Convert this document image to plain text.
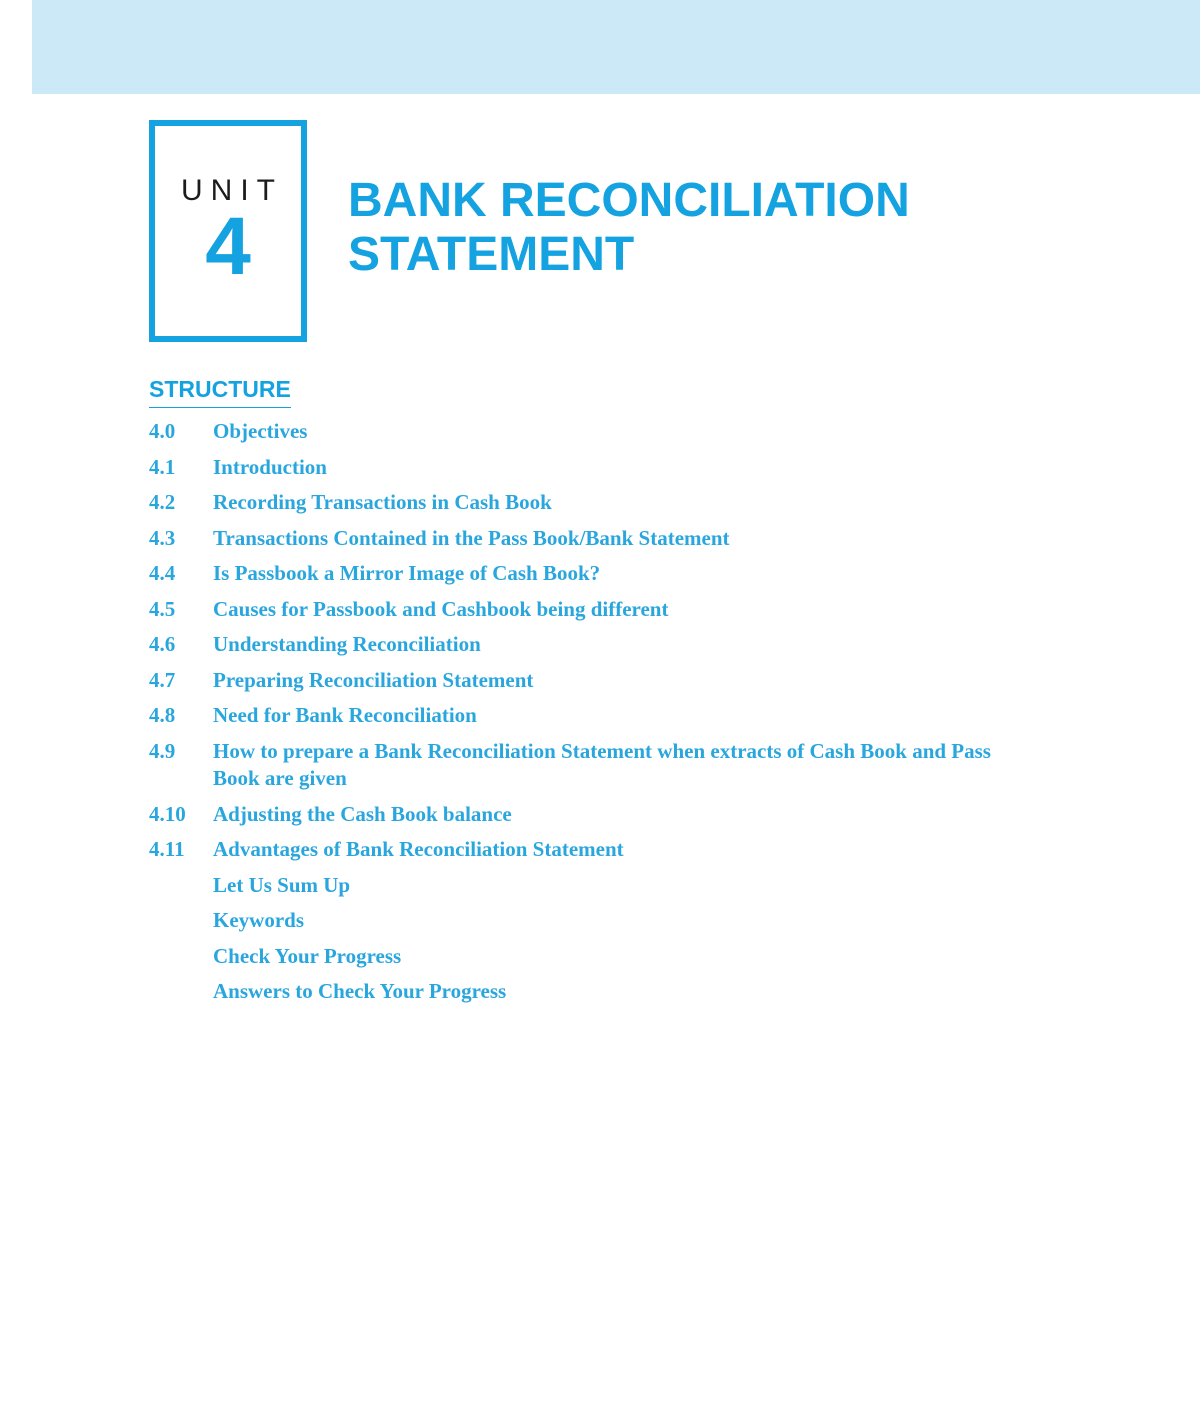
UNIT
4
BANK RECONCILIATION
STATEMENT
STRUCTURE
4.0 Objectives
4.1 Introduction
4.2 Recording Transactions in Cash Book
4.3 Transactions Contained in the Pass Book/Bank Statement
4.4 Is Passbook a Mirror Image of Cash Book?
4.5 Causes for Passbook and Cashbook being different
4.6 Understanding Reconciliation
4.7 Preparing Reconciliation Statement
4.8 Need for Bank Reconciliation
4.9 How to prepare a Bank Reconciliation Statement when extracts of Cash Book and Pass Book are given
4.10 Adjusting the Cash Book balance
4.11 Advantages of Bank Reconciliation Statement
Let Us Sum Up
Keywords
Check Your Progress
Answers to Check Your Progress
